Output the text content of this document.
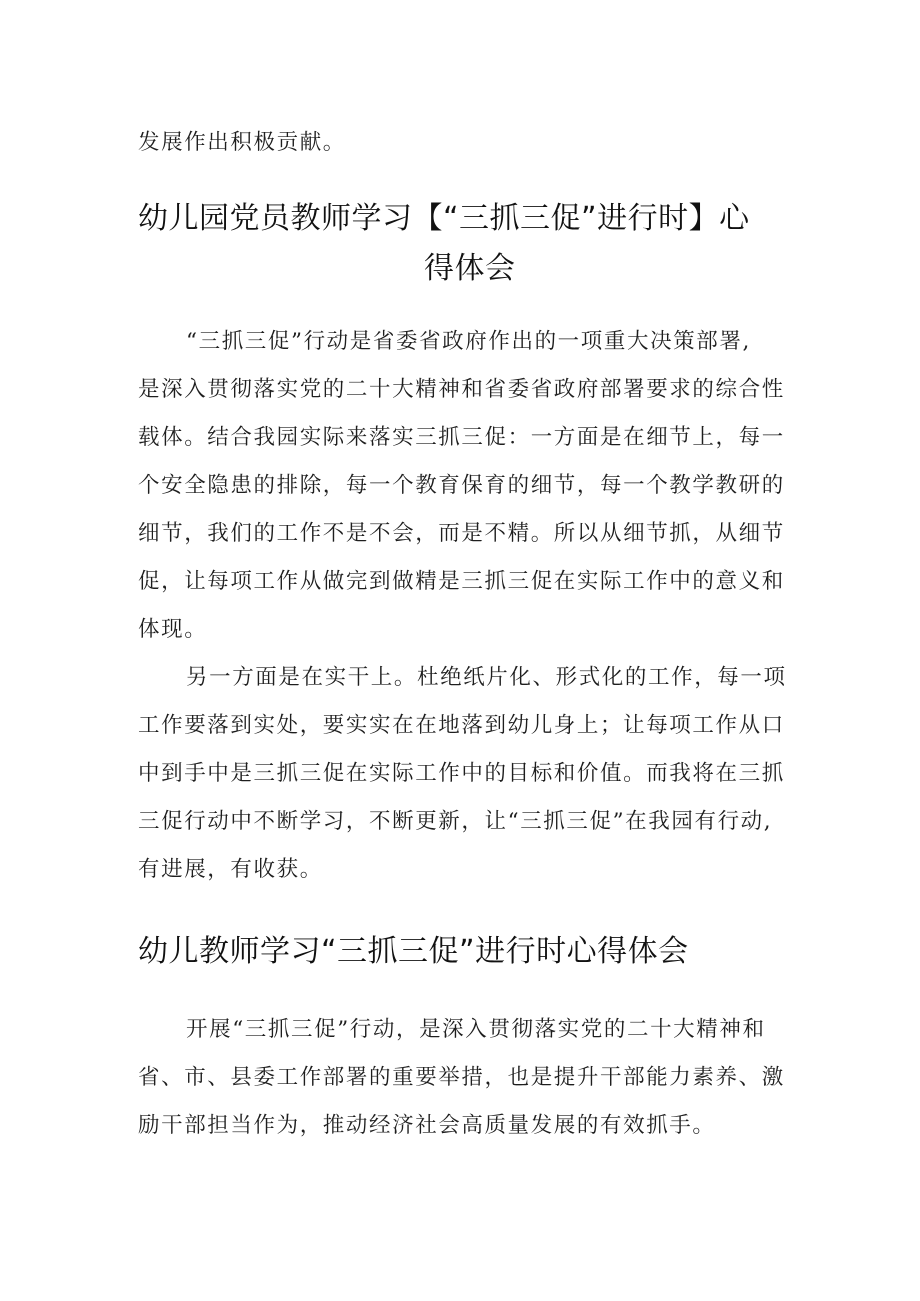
发展作出积极贡献。
幼儿园党员教师学习【“三抓三促”进行时】心
得体会
“三抓三促”行动是省委省政府作出的一项重大决策部署,
是深入贯彻落实党的二十大精神和省委省政府部署要求的综合性
载体。结合我园实际来落实三抓三促：一方面是在细节上，每一
个安全隐患的排除，每一个教育保育的细节，每一个教学教研的
细节，我们的工作不是不会，而是不精。所以从细节抓，从细节
促，让每项工作从做完到做精是三抓三促在实际工作中的意义和
体现。
另一方面是在实干上。杜绝纸片化、形式化的工作，每一项
工作要落到实处，要实实在在地落到幼儿身上；让每项工作从口
中到手中是三抓三促在实际工作中的目标和价值。而我将在三抓
三促行动中不断学习，不断更新，让“三抓三促”在我园有行动,
有进展，有收获。
幼儿教师学习“三抓三促”进行时心得体会
开展“三抓三促”行动，是深入贯彻落实党的二十大精神和
省、市、县委工作部署的重要举措，也是提升干部能力素养、激
励干部担当作为，推动经济社会高质量发展的有效抓手。
